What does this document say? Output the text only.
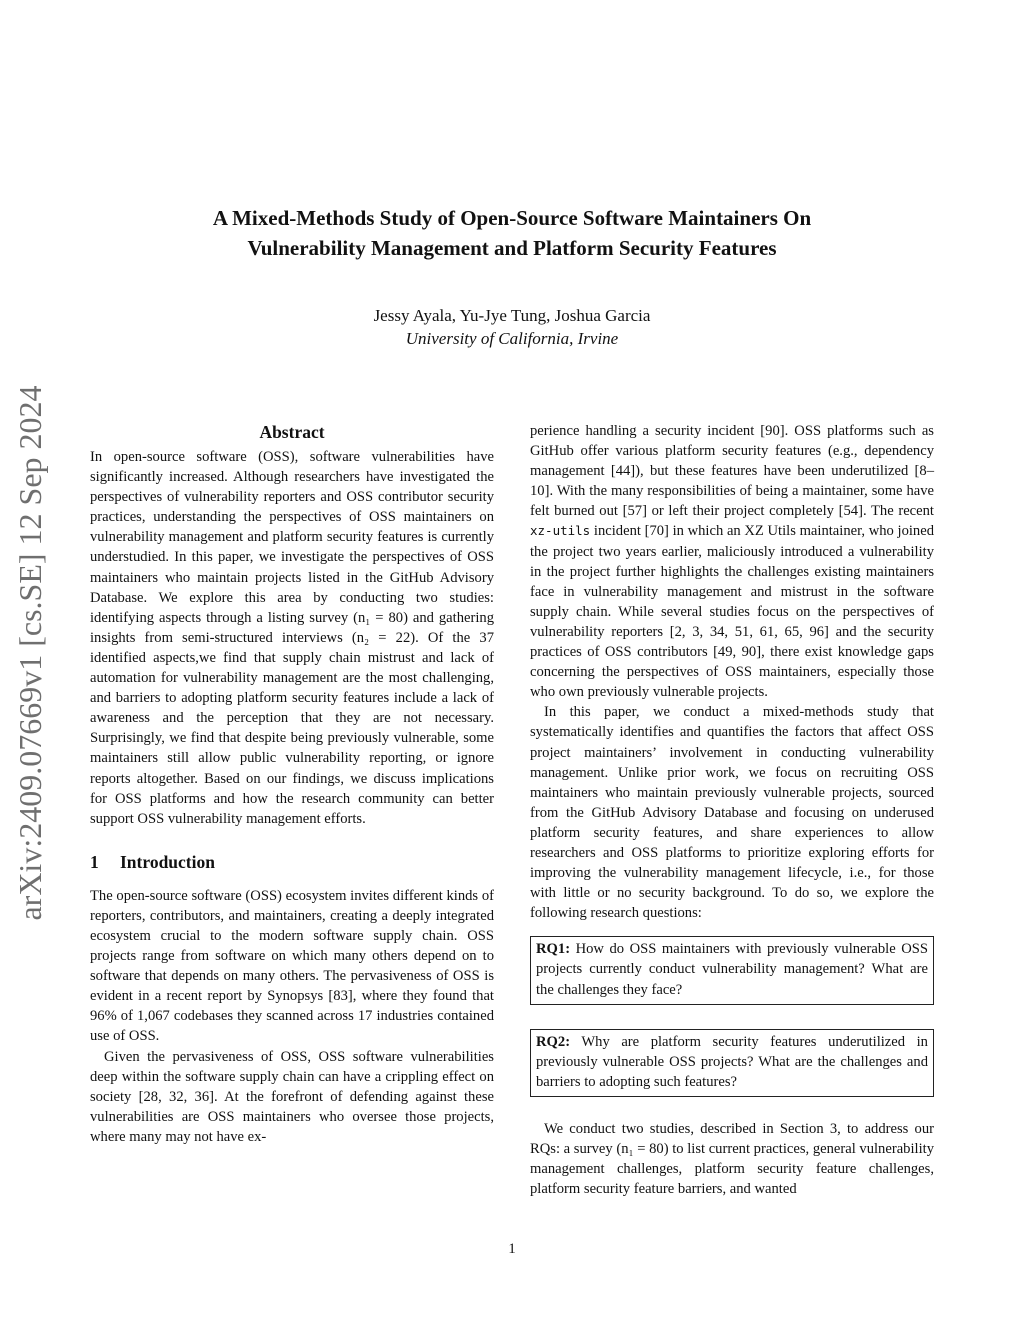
A Mixed-Methods Study of Open-Source Software Maintainers On
Vulnerability Management and Platform Security Features
Jessy Ayala, Yu-Jye Tung, Joshua Garcia
University of California, Irvine
arXiv:2409.07669v1 [cs.SE] 12 Sep 2024	Abstract

In open-source software (OSS), software vulnerabilities have significantly increased. Although researchers have investigated the perspectives of vulnerability reporters and OSS contributor security practices, understanding the perspectives of OSS maintainers on vulnerability management and platform security features is currently understudied. In this paper, we investigate the perspectives of OSS maintainers who maintain projects listed in the GitHub Advisory Database. We explore this area by conducting two studies: identifying aspects through a listing survey (n₁ = 80) and gathering insights from semi-structured interviews (n₂ = 22). Of the 37 identified aspects,we find that supply chain mistrust and lack of automation for vulnerability management are the most challenging, and barriers to adopting platform security features include a lack of awareness and the perception that they are not necessary. Surprisingly, we find that despite being previously vulnerable, some maintainers still allow public vulnerability reporting, or ignore reports altogether. Based on our findings, we discuss implications for OSS platforms and how the research community can better support OSS vulnerability management efforts.

1 Introduction

The open-source software (OSS) ecosystem invites different kinds of reporters, contributors, and maintainers, creating a deeply integrated ecosystem crucial to the modern software supply chain. OSS projects range from software on which many others depend on to software that depends on many others. The pervasiveness of OSS is evident in a recent report by Synopsys [83], where they found that 96% of 1,067 codebases they scanned across 17 industries contained use of OSS.

Given the pervasiveness of OSS, OSS software vulnerabilities deep within the software supply chain can have a crippling effect on society [28, 32, 36]. At the forefront of defending against these vulnerabilities are OSS maintainers who oversee those projects, where many may not have ex-

perience handling a security incident [90]. OSS platforms such as GitHub offer various platform security features (e.g., dependency management [44]), but these features have been underutilized [8–10]. With the many responsibilities of being a maintainer, some have felt burned out [57] or left their project completely [54]. The recent xz-utils incident [70] in which an XZ Utils maintainer, who joined the project two years earlier, maliciously introduced a vulnerability in the project further highlights the challenges existing maintainers face in vulnerability management and mistrust in the software supply chain. While several studies focus on the perspectives of vulnerability reporters [2, 3, 34, 51, 61, 65, 96] and the security practices of OSS contributors [49, 90], there exist knowledge gaps concerning the perspectives of OSS maintainers, especially those who own previously vulnerable projects.

In this paper, we conduct a mixed-methods study that systematically identifies and quantifies the factors that affect OSS project maintainers’ involvement in conducting vulnerability management. Unlike prior work, we focus on recruiting OSS maintainers who maintain previously vulnerable projects, sourced from the GitHub Advisory Database and focusing on underused platform security features, and share experiences to allow researchers and OSS platforms to prioritize exploring efforts for improving the vulnerability management lifecycle, i.e., for those with little or no security background. To do so, we explore the following research questions:

RQ1: How do OSS maintainers with previously vulnerable OSS projects currently conduct vulnerability management? What are the challenges they face?
RQ2: Why are platform security features underutilized in previously vulnerable OSS projects? What are the challenges and barriers to adopting such features?

We conduct two studies, described in Section 3, to address our RQs: a survey (n₁ = 80) to list current practices, general vulnerability management challenges, platform security feature challenges, platform security feature barriers, and wanted

1
